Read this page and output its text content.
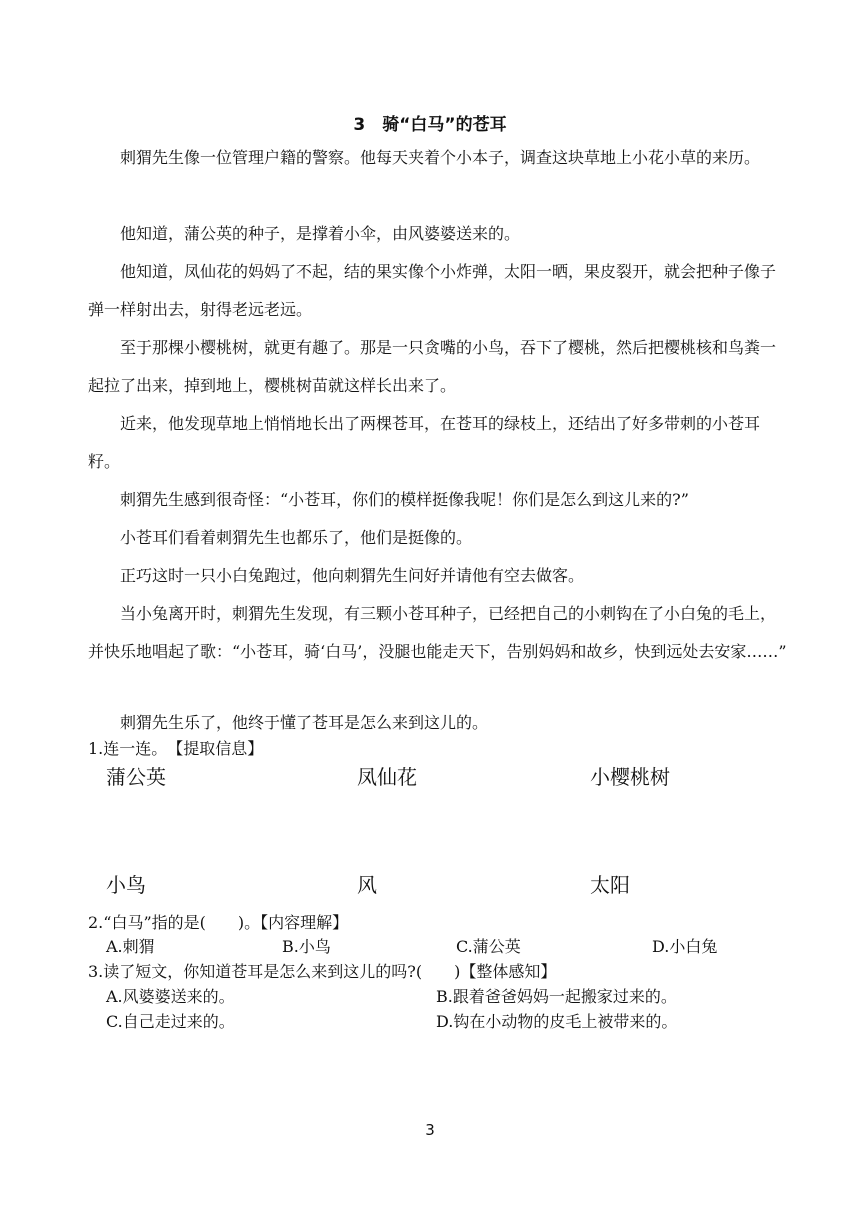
3　骑“白马”的苍耳

刺猬先生像一位管理户籍的警察。他每天夹着个小本子，调查这块草地上小花小草的来历。

他知道，蒲公英的种子，是撑着小伞，由风婆婆送来的。

他知道，凤仙花的妈妈了不起，结的果实像个小炸弹，太阳一晒，果皮裂开，就会把种子像子弹一样射出去，射得老远老远。

至于那棵小樱桃树，就更有趣了。那是一只贪嘴的小鸟，吞下了樱桃，然后把樱桃核和鸟粪一起拉了出来，掉到地上，樱桃树苗就这样长出来了。

近来，他发现草地上悄悄地长出了两棵苍耳，在苍耳的绿枝上，还结出了好多带刺的小苍耳籽。

刺猬先生感到很奇怪：“小苍耳，你们的模样挺像我呢！你们是怎么到这儿来的?”

小苍耳们看着刺猬先生也都乐了，他们是挺像的。

正巧这时一只小白兔跑过，他向刺猬先生问好并请他有空去做客。

当小兔离开时，刺猬先生发现，有三颗小苍耳种子，已经把自己的小刺钩在了小白兔的毛上，并快乐地唱起了歌：“小苍耳，骑‘白马’，没腿也能走天下，告别妈妈和故乡，快到远处去安家……”

刺猬先生乐了，他终于懂了苍耳是怎么来到这儿的。

1.连一连。　【提取信息】
蒲公英	凤仙花	小樱桃树
小鸟	风	太阳
2.“白马”指的是(　　)。【内容理解】
A.刺猬	B.小鸟	C.蒲公英	D.小白兔
3.读了短文，你知道苍耳是怎么来到这儿的吗?(　　)【整体感知】
A.风婆婆送来的。	B.跟着爸爸妈妈一起搬家过来的。
C.自己走过来的。	D.钩在小动物的皮毛上被带来的。
3
